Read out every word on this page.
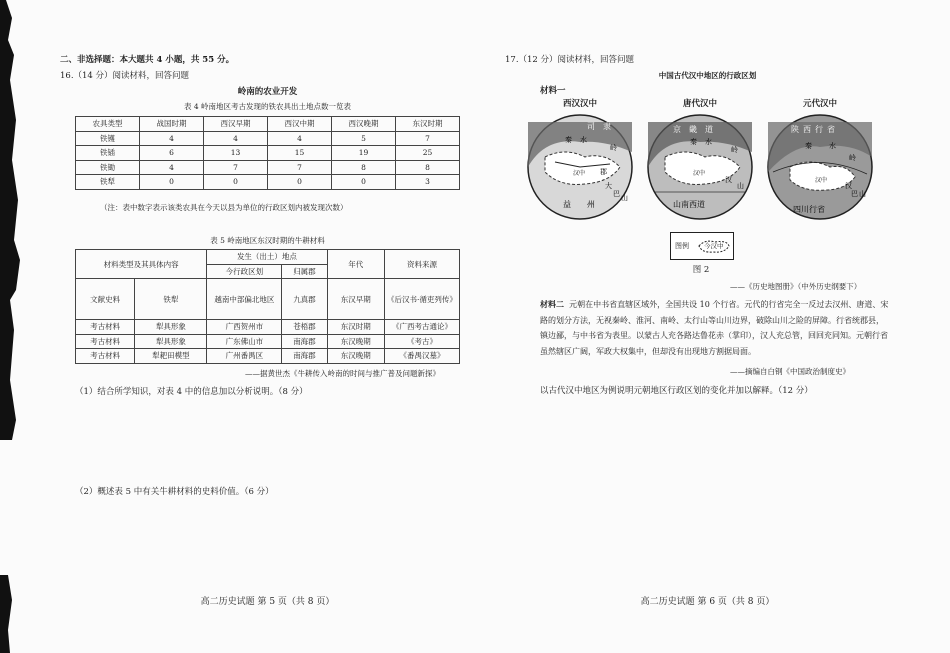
二、非选择题：本大题共 4 小题，共 55 分。
16.（14 分）阅读材料，回答问题
岭南的农业开发
表 4 岭南地区考古发现的铁农具出土地点数一览表
农具类型	战国时期	西汉早期	西汉中期	西汉晚期	东汉时期
铁镬	4	4	4	5	7
铁锸	6	13	15	19	25
铁锄	4	7	7	8	8
铁犁	0	0	0	0	3
（注：表中数字表示该类农具在今天以县为单位的行政区划内被发现次数）
表 5 岭南地区东汉时期的牛耕材料
材料类型及其具体内容		发生（出土）地点		年代	资料来源
		今行政区划	归属郡		
文献史料	铁犁	越南中部偏北地区	九真郡	东汉早期	《后汉书·循吏列传》
考古材料	犁具形象	广西贺州市	苍梧郡	东汉时期	《广西考古通论》
考古材料	犁具形象	广东佛山市	南海郡	东汉晚期	《考古》
考古材料	犁耙田模型	广州番禺区	南海郡	东汉晚期	《番禺汉墓》
——据黄世杰《牛耕传入岭南的时间与推广普及问题新探》
（1）结合所学知识，对表 4 中的信息加以分析说明。（8 分）
（2）概述表 5 中有关牛耕材料的史料价值。（6 分）
高二历史试题 第 5 页（共 8 页）
17.（12 分）阅读材料，回答问题
中国古代汉中地区的行政区划
材料一
西汉汉中
司 隶
秦 水
岭
汉中 郡
大
巴 山
益 州
唐代汉中
京 畿 道
秦 水
岭
汉中
汉
山
山南西道
元代汉中
陕 西 行 省
秦 水
岭
汉中
汉
巴 山
四川行省
图例 今汉中
图 2
——《历史地图册》（中外历史纲要下）
材料二 元朝在中书省直辖区域外，全国共设 10 个行省。元代的行省完全一反过去汉州、唐道、宋路的划分方法，无视秦岭、淮河、南岭、太行山等山川边界，破除山川之险的屏障。行省统郡县，镇边鄙，与中书省为表里。以蒙古人充各路达鲁花赤（掌印），汉人充总管，回回充同知。元朝行省虽然辖区广阔，军政大权集中，但却没有出现地方割据局面。
——摘编自白钢《中国政治制度史》
以古代汉中地区为例说明元朝地区行政区划的变化并加以解释。（12 分）
高二历史试题 第 6 页（共 8 页）
